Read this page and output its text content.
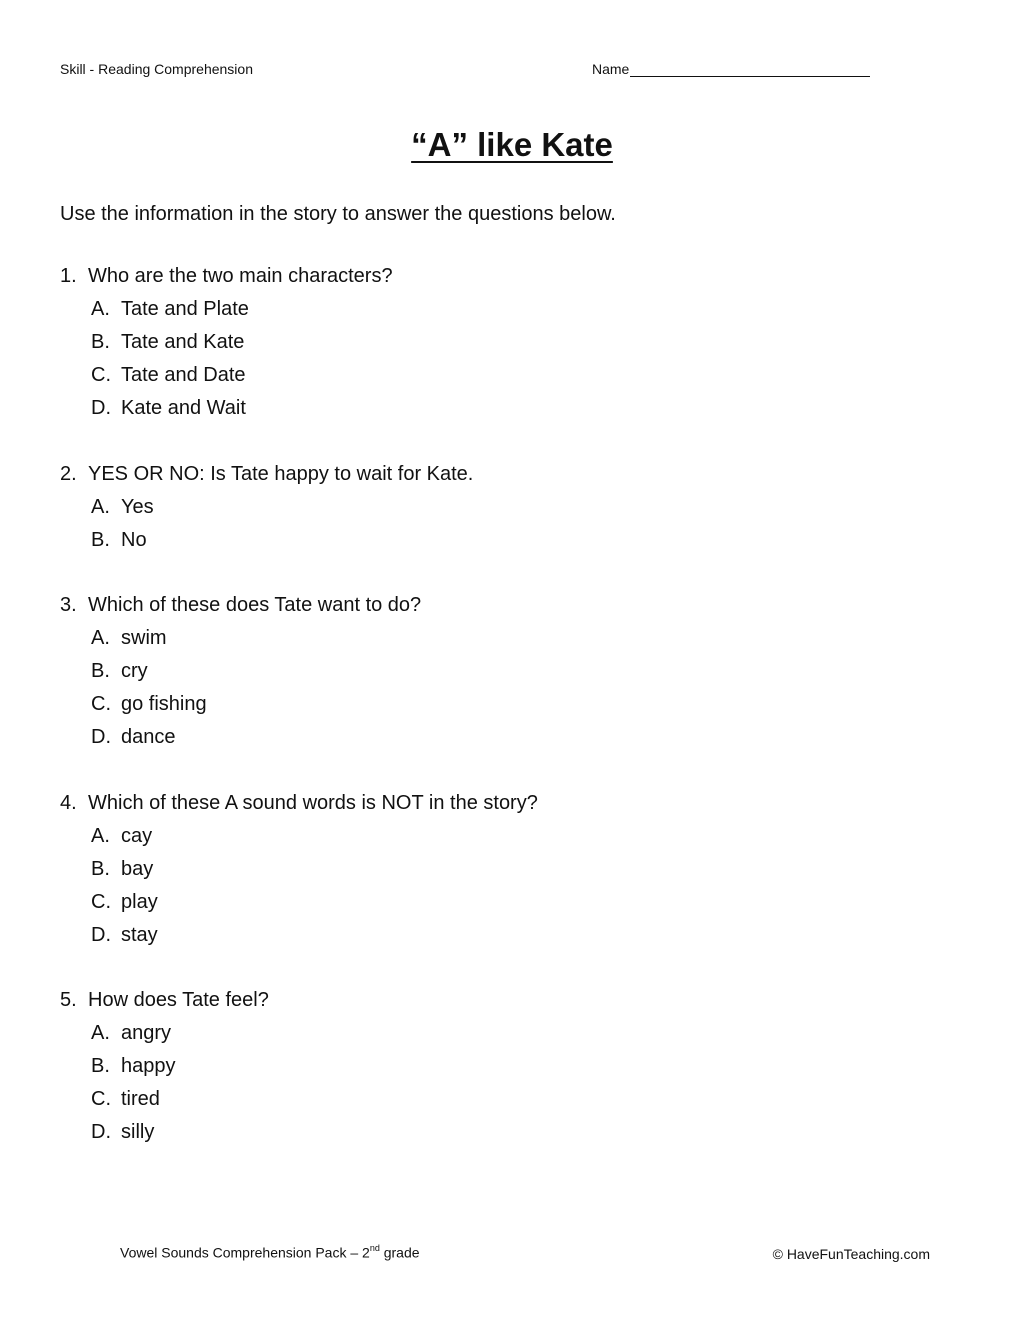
Skill - Reading Comprehension	Name
“A” like Kate
Use the information in the story to answer the questions below.
1. Who are the two main characters?
A. Tate and Plate
B. Tate and Kate
C. Tate and Date
D. Kate and Wait
2. YES OR NO: Is Tate happy to wait for Kate.
A. Yes
B. No
3. Which of these does Tate want to do?
A. swim
B. cry
C. go fishing
D. dance
4. Which of these A sound words is NOT in the story?
A. cay
B. bay
C. play
D. stay
5. How does Tate feel?
A. angry
B. happy
C. tired
D. silly
Vowel Sounds Comprehension Pack – 2nd grade	© HaveFunTeaching.com
